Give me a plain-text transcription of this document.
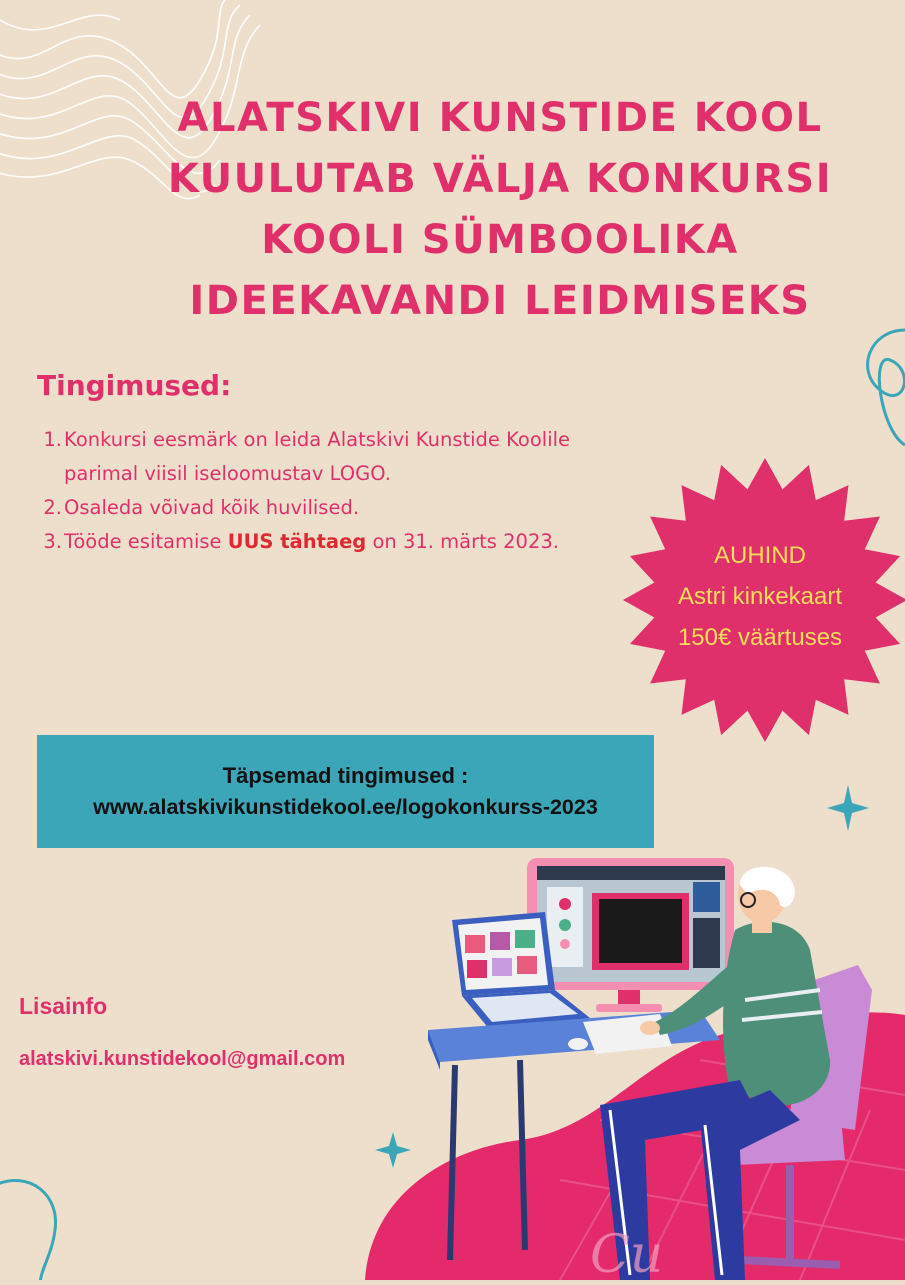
Cu
ALATSKIVI KUNSTIDE KOOL
KUULUTAB VÄLJA KONKURSI
KOOLI SÜMBOOLIKA
IDEEKAVANDI LEIDMISEKS
Tingimused:
1. Konkursi eesmärk on leida Alatskivi Kunstide Koolile parimal viisil iseloomustav LOGO.
2. Osaleda võivad kõik huvilised.
3. Tööde esitamise UUS tähtaeg on 31. märts 2023.
AUHIND
Astri kinkekaart
150€ väärtuses
Täpsemad tingimused :
www.alatskivikunstidekool.ee/logokonkurss-2023
Lisainfo
alatskivi.kunstidekool@gmail.com
